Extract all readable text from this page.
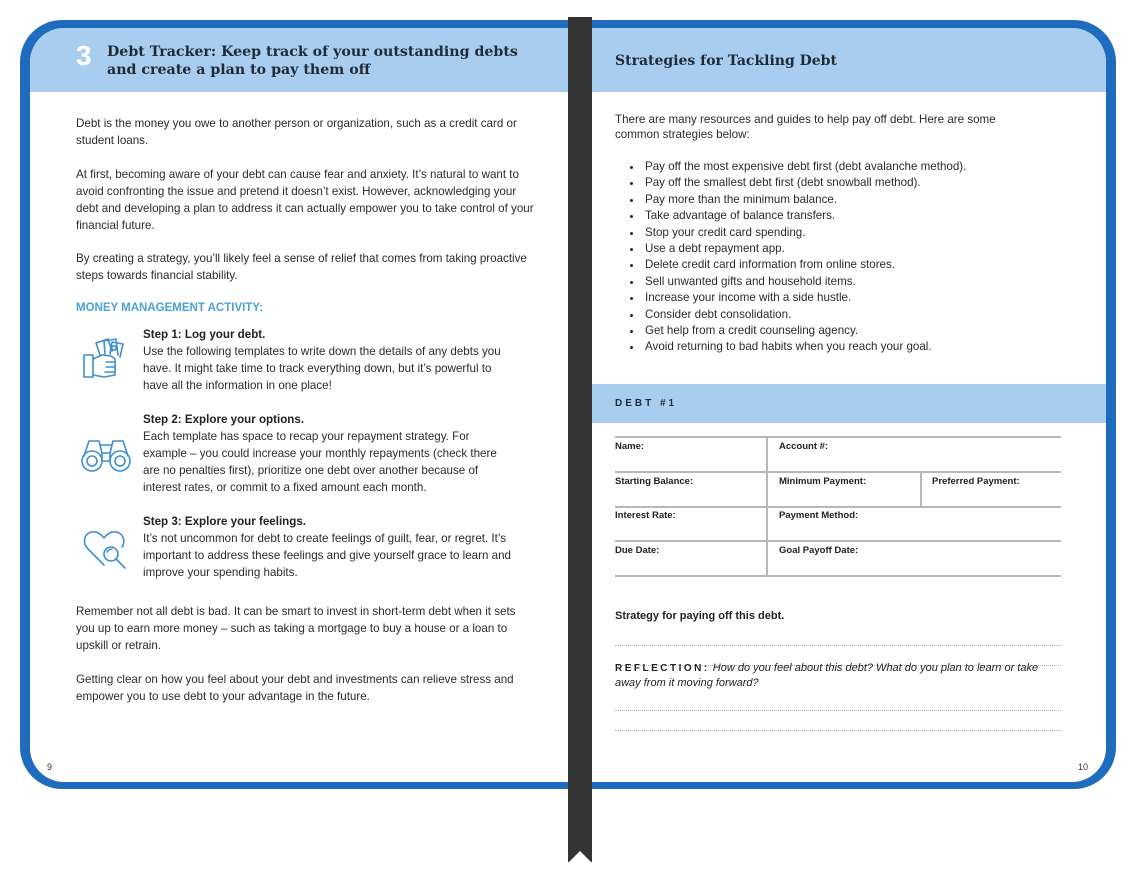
3 Debt Tracker: Keep track of your outstanding debts and create a plan to pay them off

Debt is the money you owe to another person or organization, such as a credit card or student loans.

At first, becoming aware of your debt can cause fear and anxiety. It’s natural to want to avoid confronting the issue and pretend it doesn’t exist. However, acknowledging your debt and developing a plan to address it can actually empower you to take control of your financial future.

By creating a strategy, you’ll likely feel a sense of relief that comes from taking proactive steps towards financial stability.

MONEY MANAGEMENT ACTIVITY:
Step 1: Log your debt.
Use the following templates to write down the details of any debts you have. It might take time to track everything down, but it’s powerful to have all the information in one place!
Step 2: Explore your options.
Each template has space to recap your repayment strategy. For example – you could increase your monthly repayments (check there are no penalties first), prioritize one debt over another because of interest rates, or commit to a fixed amount each month.
Step 3: Explore your feelings.
It’s not uncommon for debt to create feelings of guilt, fear, or regret. It’s important to address these feelings and give yourself grace to learn and improve your spending habits.

Remember not all debt is bad. It can be smart to invest in short-term debt when it sets you up to earn more money – such as taking a mortgage to buy a house or a loan to upskill or retrain.

Getting clear on how you feel about your debt and investments can relieve stress and empower you to use debt to your advantage in the future.

9
Strategies for Tackling Debt

There are many resources and guides to help pay off debt. Here are some common strategies below:

• Pay off the most expensive debt first (debt avalanche method).
• Pay off the smallest debt first (debt snowball method).
• Pay more than the minimum balance.
• Take advantage of balance transfers.
• Stop your credit card spending.
• Use a debt repayment app.
• Delete credit card information from online stores.
• Sell unwanted gifts and household items.
• Increase your income with a side hustle.
• Consider debt consolidation.
• Get help from a credit counseling agency.
• Avoid returning to bad habits when you reach your goal.
DEBT #1
Name:	Account #:
Starting Balance:	Minimum Payment:	Preferred Payment:
Interest Rate:	Payment Method:
Due Date:	Goal Payoff Date:
Strategy for paying off this debt.
REFLECTION: How do you feel about this debt? What do you plan to learn or take away from it moving forward?
10
